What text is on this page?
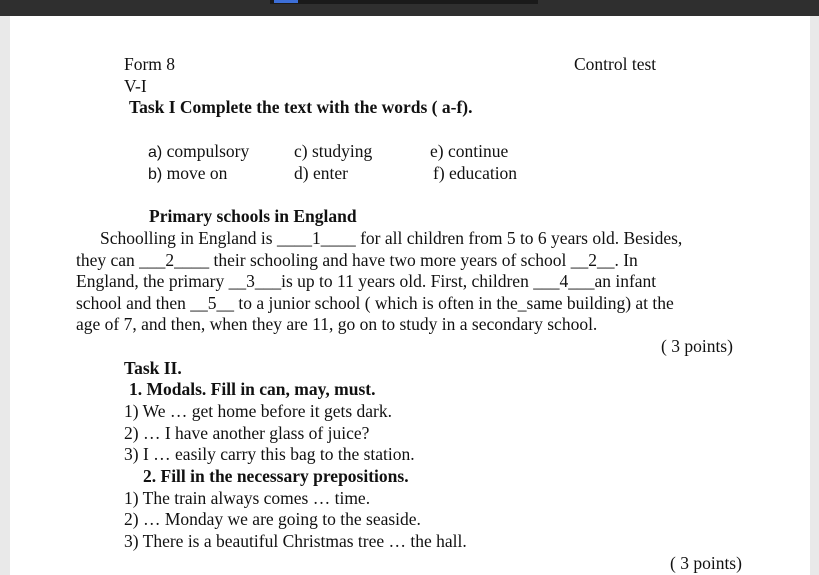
Form 8
V-I
Control test
Task I Complete the text with the words ( a-f).
a) compulsory
b) move on
c) studying
d) enter
e) continue
f) education
Primary schools in England
Schoolling in England is ____1____ for all children from 5 to 6 years old. Besides,
they can ___2____ their schooling and have two more years of school __2__. In
England, the primary __3___is up to 11 years old. First, children ___4___an infant
school and then __5__ to a junior school ( which is often in the_same building) at the
age of 7, and then, when they are 11, go on to study in a secondary school.
( 3 points)
Task II.
1. Modals. Fill in can, may, must.
1) We … get home before it gets dark.
2) … I have another glass of juice?
3) I … easily carry this bag to the station.
2. Fill in the necessary prepositions.
1) The train always comes … time.
2) … Monday we are going to the seaside.
3) There is a beautiful Christmas tree … the hall.
( 3 points)
